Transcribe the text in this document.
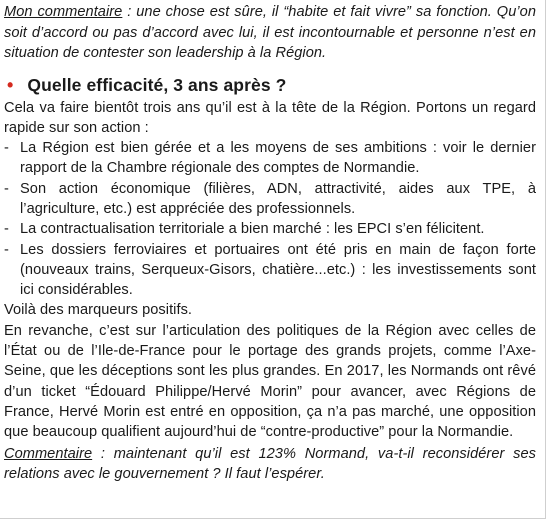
Mon commentaire : une chose est sûre, il “habite et fait vivre” sa fonction. Qu’on soit d’accord ou pas d’accord avec lui, il est incontournable et personne n’est en situation de contester son leadership à la Région.

• Quelle efficacité, 3 ans après ?

Cela va faire bientôt trois ans qu’il est à la tête de la Région. Portons un regard rapide sur son action :

- La Région est bien gérée et a les moyens de ses ambitions : voir le dernier rapport de la Chambre régionale des comptes de Normandie.
- Son action économique (filières, ADN, attractivité, aides aux TPE, à l’agriculture, etc.) est appréciée des professionnels.
- La contractualisation territoriale a bien marché : les EPCI s’en félicitent.
- Les dossiers ferroviaires et portuaires ont été pris en main de façon forte (nouveaux trains, Serqueux-Gisors, chatière...etc.) : les investissements sont ici considérables.

Voilà des marqueurs positifs.

En revanche, c’est sur l’articulation des politiques de la Région avec celles de l’État ou de l’Ile-de-France pour le portage des grands projets, comme l’Axe-Seine, que les déceptions sont les plus grandes. En 2017, les Normands ont rêvé d’un ticket “Édouard Philippe/Hervé Morin” pour avancer, avec Régions de France, Hervé Morin est entré en opposition, ça n’a pas marché, une opposition que beaucoup qualifient aujourd’hui de “contre-productive” pour la Normandie.

Commentaire : maintenant qu’il est 123% Normand, va-t-il reconsidérer ses relations avec le gouvernement ? Il faut l’espérer.
